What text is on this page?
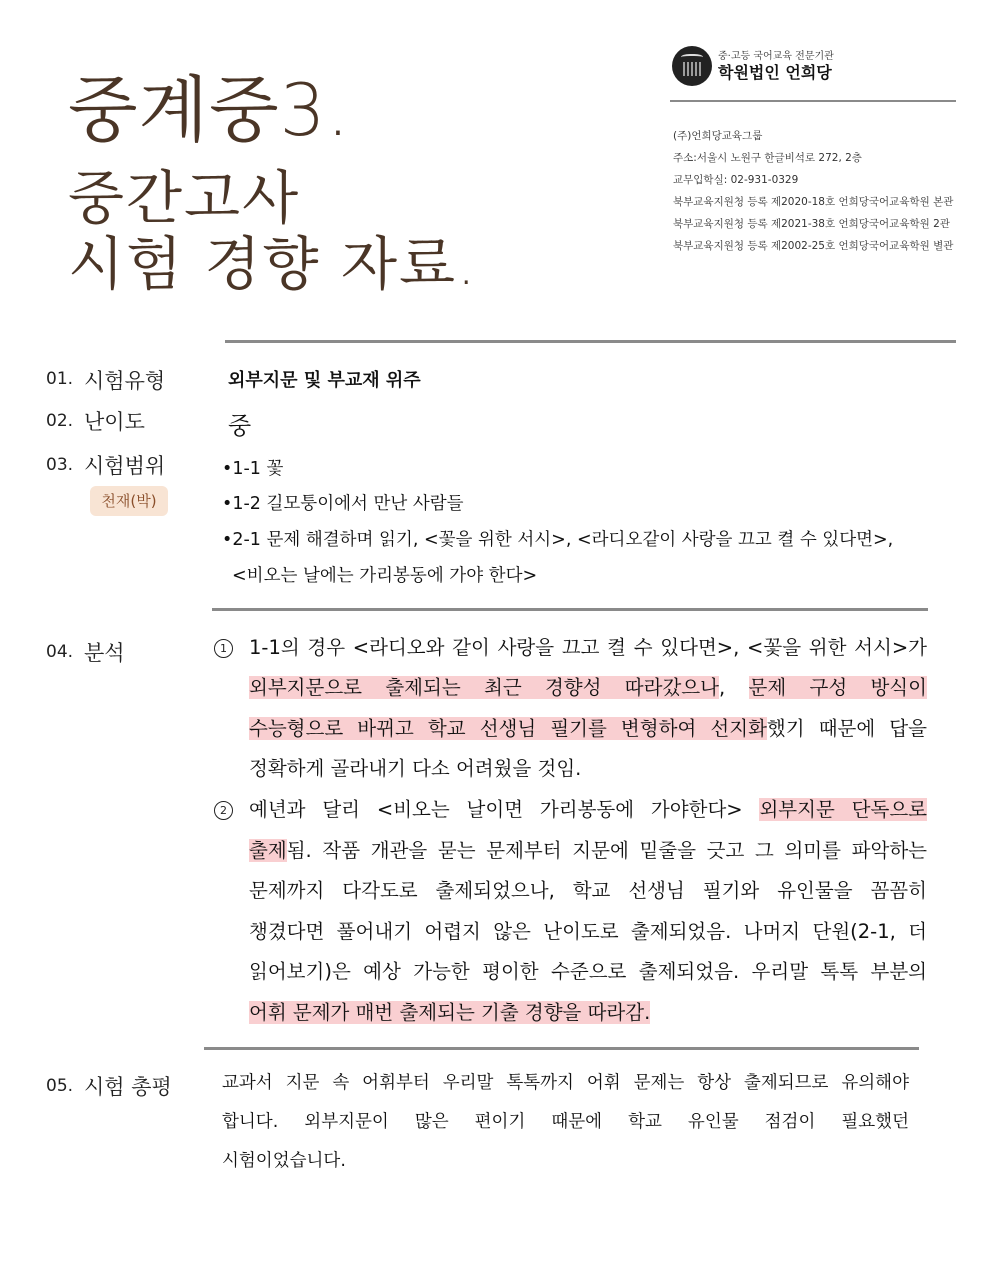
중계중3.
중간고사
시험 경향 자료.
중·고등 국어교육 전문기관
학원법인 언희당
(주)언희당교육그룹
주소:서울시 노원구 한글비석로 272, 2층
교무입학실: 02-931-0329
북부교육지원청 등록 제2020-18호 언희당국어교육학원 본관
북부교육지원청 등록 제2021-38호 언희당국어교육학원 2관
북부교육지원청 등록 제2002-25호 언희당국어교육학원 별관
01. 시험유형	외부지문 및 부교재 위주
02. 난이도	중
03. 시험범위
천재(박)
•1-1 꽃
•1-2 길모퉁이에서 만난 사람들
•2-1 문제 해결하며 읽기, <꽃을 위한 서시>, <라디오같이 사랑을 끄고 켤 수 있다면>,
<비오는 날에는 가리봉동에 가야 한다>
04. 분석	1	1-1의 경우 <라디오와 같이 사랑을 끄고 켤 수 있다면>, <꽃을 위한 서시>가
외부지문으로 출제되는 최근 경향성 따라갔으나, 문제 구성 방식이
수능형으로 바뀌고 학교 선생님 필기를 변형하여 선지화했기 때문에 답을
정확하게 골라내기 다소 어려웠을 것임.
2	예년과 달리 <비오는 날이면 가리봉동에 가야한다> 외부지문 단독으로
출제됨. 작품 개관을 묻는 문제부터 지문에 밑줄을 긋고 그 의미를 파악하는
문제까지 다각도로 출제되었으나, 학교 선생님 필기와 유인물을 꼼꼼히
챙겼다면 풀어내기 어렵지 않은 난이도로 출제되었음. 나머지 단원(2-1, 더
읽어보기)은 예상 가능한 평이한 수준으로 출제되었음. 우리말 톡톡 부분의
어휘 문제가 매번 출제되는 기출 경향을 따라감.
05. 시험 총평	교과서 지문 속 어휘부터 우리말 톡톡까지 어휘 문제는 항상 출제되므로 유의해야
합니다. 외부지문이 많은 편이기 때문에 학교 유인물 점검이 필요했던
시험이었습니다.
